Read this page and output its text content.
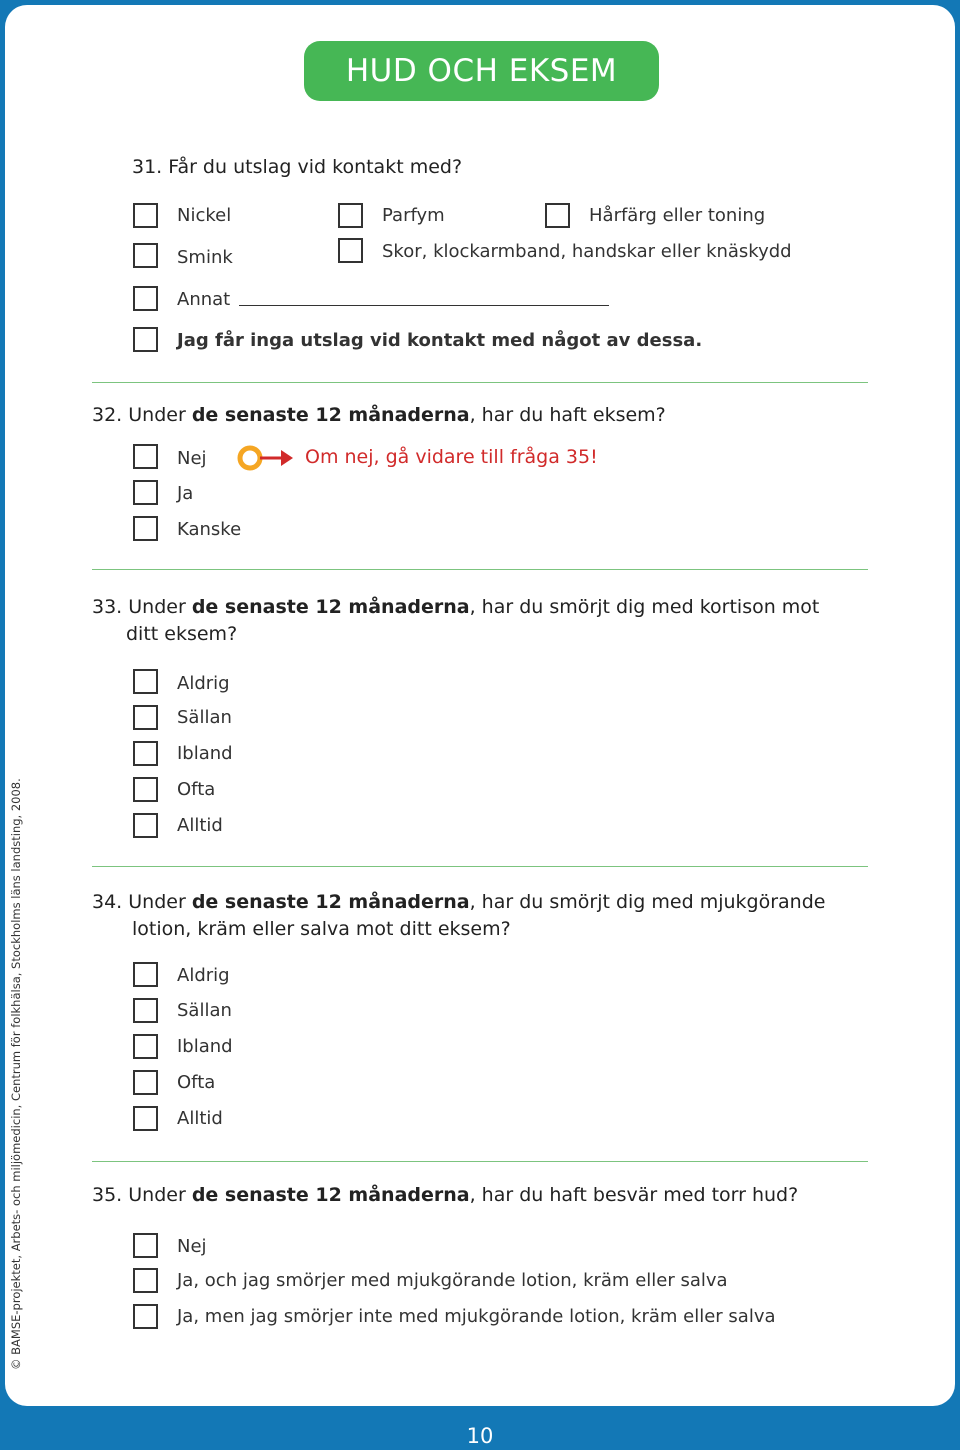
HUD OCH EKSEM
31. Får du utslag vid kontakt med?
Nickel	Parfym	Hårfärg eller toning
Smink	Skor, klockarmband, handskar eller knäskydd
Annat
Jag får inga utslag vid kontakt med något av dessa.
32. Under de senaste 12 månaderna, har du haft eksem?
Nej
Ja
Kanske
Om nej, gå vidare till fråga 35!
33. Under de senaste 12 månaderna, har du smörjt dig med kortison mot
ditt eksem?
Aldrig
Sällan
Ibland
Ofta
Alltid
34. Under de senaste 12 månaderna, har du smörjt dig med mjukgörande
lotion, kräm eller salva mot ditt eksem?
Aldrig
Sällan
Ibland
Ofta
Alltid
35. Under de senaste 12 månaderna, har du haft besvär med torr hud?
Nej
Ja, och jag smörjer med mjukgörande lotion, kräm eller salva
Ja, men jag smörjer inte med mjukgörande lotion, kräm eller salva
© BAMSE-projektet, Arbets- och miljömedicin, Centrum för folkhälsa, Stockholms läns landsting, 2008.
10
